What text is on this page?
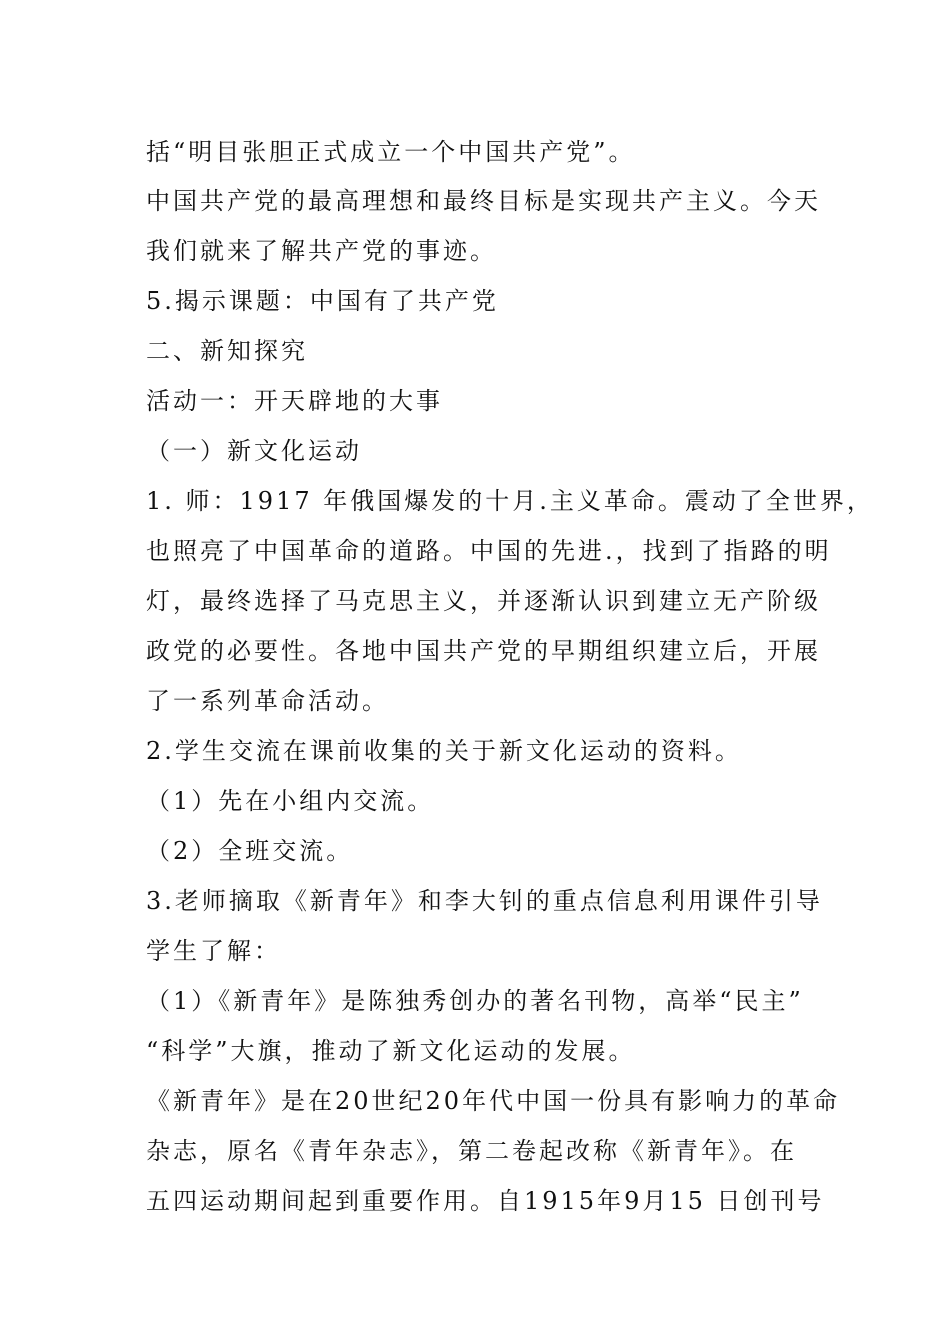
括“明目张胆正式成立一个中国共产党”。
中国共产党的最高理想和最终目标是实现共产主义。今天
我们就来了解共产党的事迹。
5.揭示课题：中国有了共产党
二、新知探究
活动一：开天辟地的大事
（一）新文化运动
1. 师：1917 年俄国爆发的十月.主义革命。震动了全世界，
也照亮了中国革命的道路。中国的先进.，找到了指路的明
灯，最终选择了马克思主义，并逐渐认识到建立无产阶级
政党的必要性。各地中国共产党的早期组织建立后，开展
了一系列革命活动。
2.学生交流在课前收集的关于新文化运动的资料。
（1）先在小组内交流。
（2）全班交流。
3.老师摘取《新青年》和李大钊的重点信息利用课件引导
学生了解：
（1）《新青年》是陈独秀创办的著名刊物，高举“民主”
“科学”大旗，推动了新文化运动的发展。
《新青年》是在20世纪20年代中国一份具有影响力的革命
杂志，原名《青年杂志》，第二卷起改称《新青年》。在
五四运动期间起到重要作用。自1915年9月15 日创刊号
